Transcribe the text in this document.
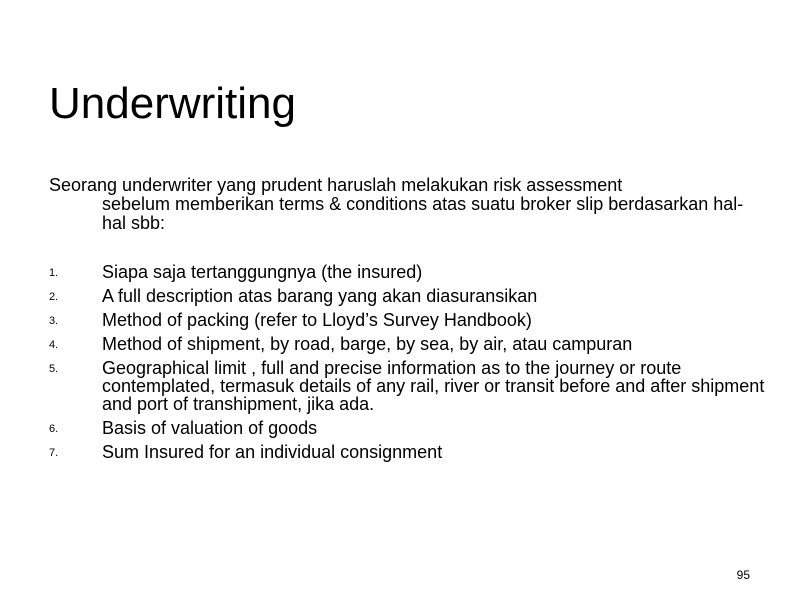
Underwriting
Seorang underwriter yang prudent haruslah melakukan risk assessment
sebelum memberikan terms & conditions atas suatu broker slip berdasarkan hal-hal sbb:
1. Siapa saja tertanggungnya (the insured)
2. A full description atas barang yang akan diasuransikan
3. Method of packing (refer to Lloyd’s Survey Handbook)
4. Method of shipment, by road, barge, by sea, by air, atau campuran
5. Geographical limit , full and precise information as to the journey or route contemplated, termasuk details of any rail, river or transit before and after shipment and port of transhipment, jika ada.
6. Basis of valuation of goods
7. Sum Insured for an individual consignment
95
